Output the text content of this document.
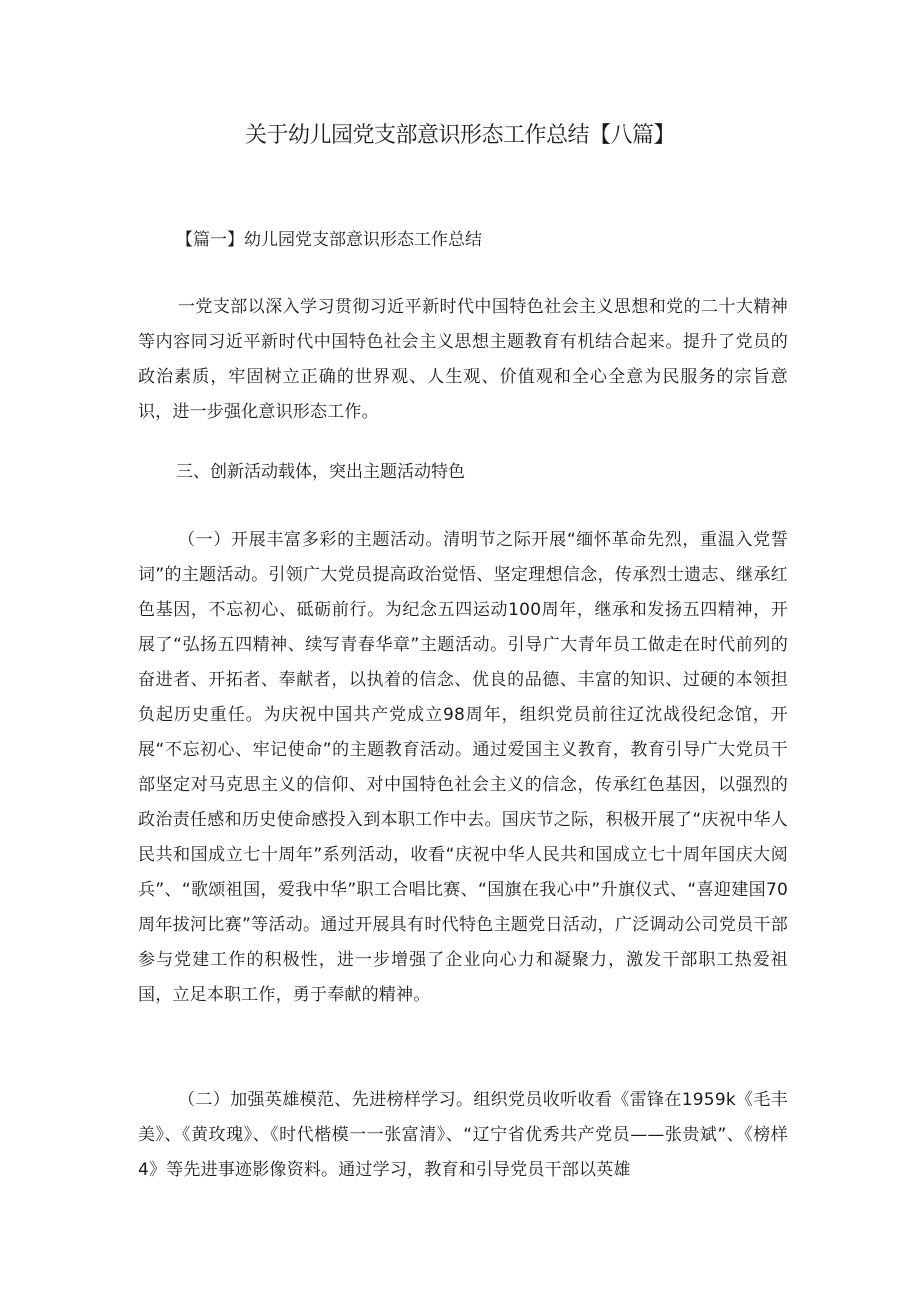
关于幼儿园党支部意识形态工作总结【八篇】
【篇一】幼儿园党支部意识形态工作总结

一党支部以深入学习贯彻习近平新时代中国特色社会主义思想和党的二十大精神等内容同习近平新时代中国特色社会主义思想主题教育有机结合起来。提升了党员的政治素质，牢固树立正确的世界观、人生观、价值观和全心全意为民服务的宗旨意识，进一步强化意识形态工作。

三、创新活动载体，突出主题活动特色

（一）开展丰富多彩的主题活动。清明节之际开展“缅怀革命先烈，重温入党誓词”的主题活动。引领广大党员提高政治觉悟、坚定理想信念，传承烈士遗志、继承红色基因，不忘初心、砥砺前行。为纪念五四运动100周年，继承和发扬五四精神，开展了“弘扬五四精神、续写青春华章”主题活动。引导广大青年员工做走在时代前列的奋进者、开拓者、奉献者，以执着的信念、优良的品德、丰富的知识、过硬的本领担负起历史重任。为庆祝中国共产党成立98周年，组织党员前往辽沈战役纪念馆，开展“不忘初心、牢记使命”的主题教育活动。通过爱国主义教育，教育引导广大党员干部坚定对马克思主义的信仰、对中国特色社会主义的信念，传承红色基因，以强烈的政治责任感和历史使命感投入到本职工作中去。国庆节之际，积极开展了“庆祝中华人民共和国成立七十周年”系列活动，收看“庆祝中华人民共和国成立七十周年国庆大阅兵”、“歌颂祖国，爱我中华”职工合唱比赛、“国旗在我心中”升旗仪式、“喜迎建国70周年拔河比赛”等活动。通过开展具有时代特色主题党日活动，广泛调动公司党员干部参与党建工作的积极性，进一步增强了企业向心力和凝聚力，激发干部职工热爱祖国，立足本职工作，勇于奉献的精神。

（二）加强英雄模范、先进榜样学习。组织党员收听收看《雷锋在1959k《毛丰美》、《黄玫瑰》、《时代楷模一一张富清》、“辽宁省优秀共产党员——张贵斌”、《榜样4》等先进事迹影像资料。通过学习，教育和引导党员干部以英雄
